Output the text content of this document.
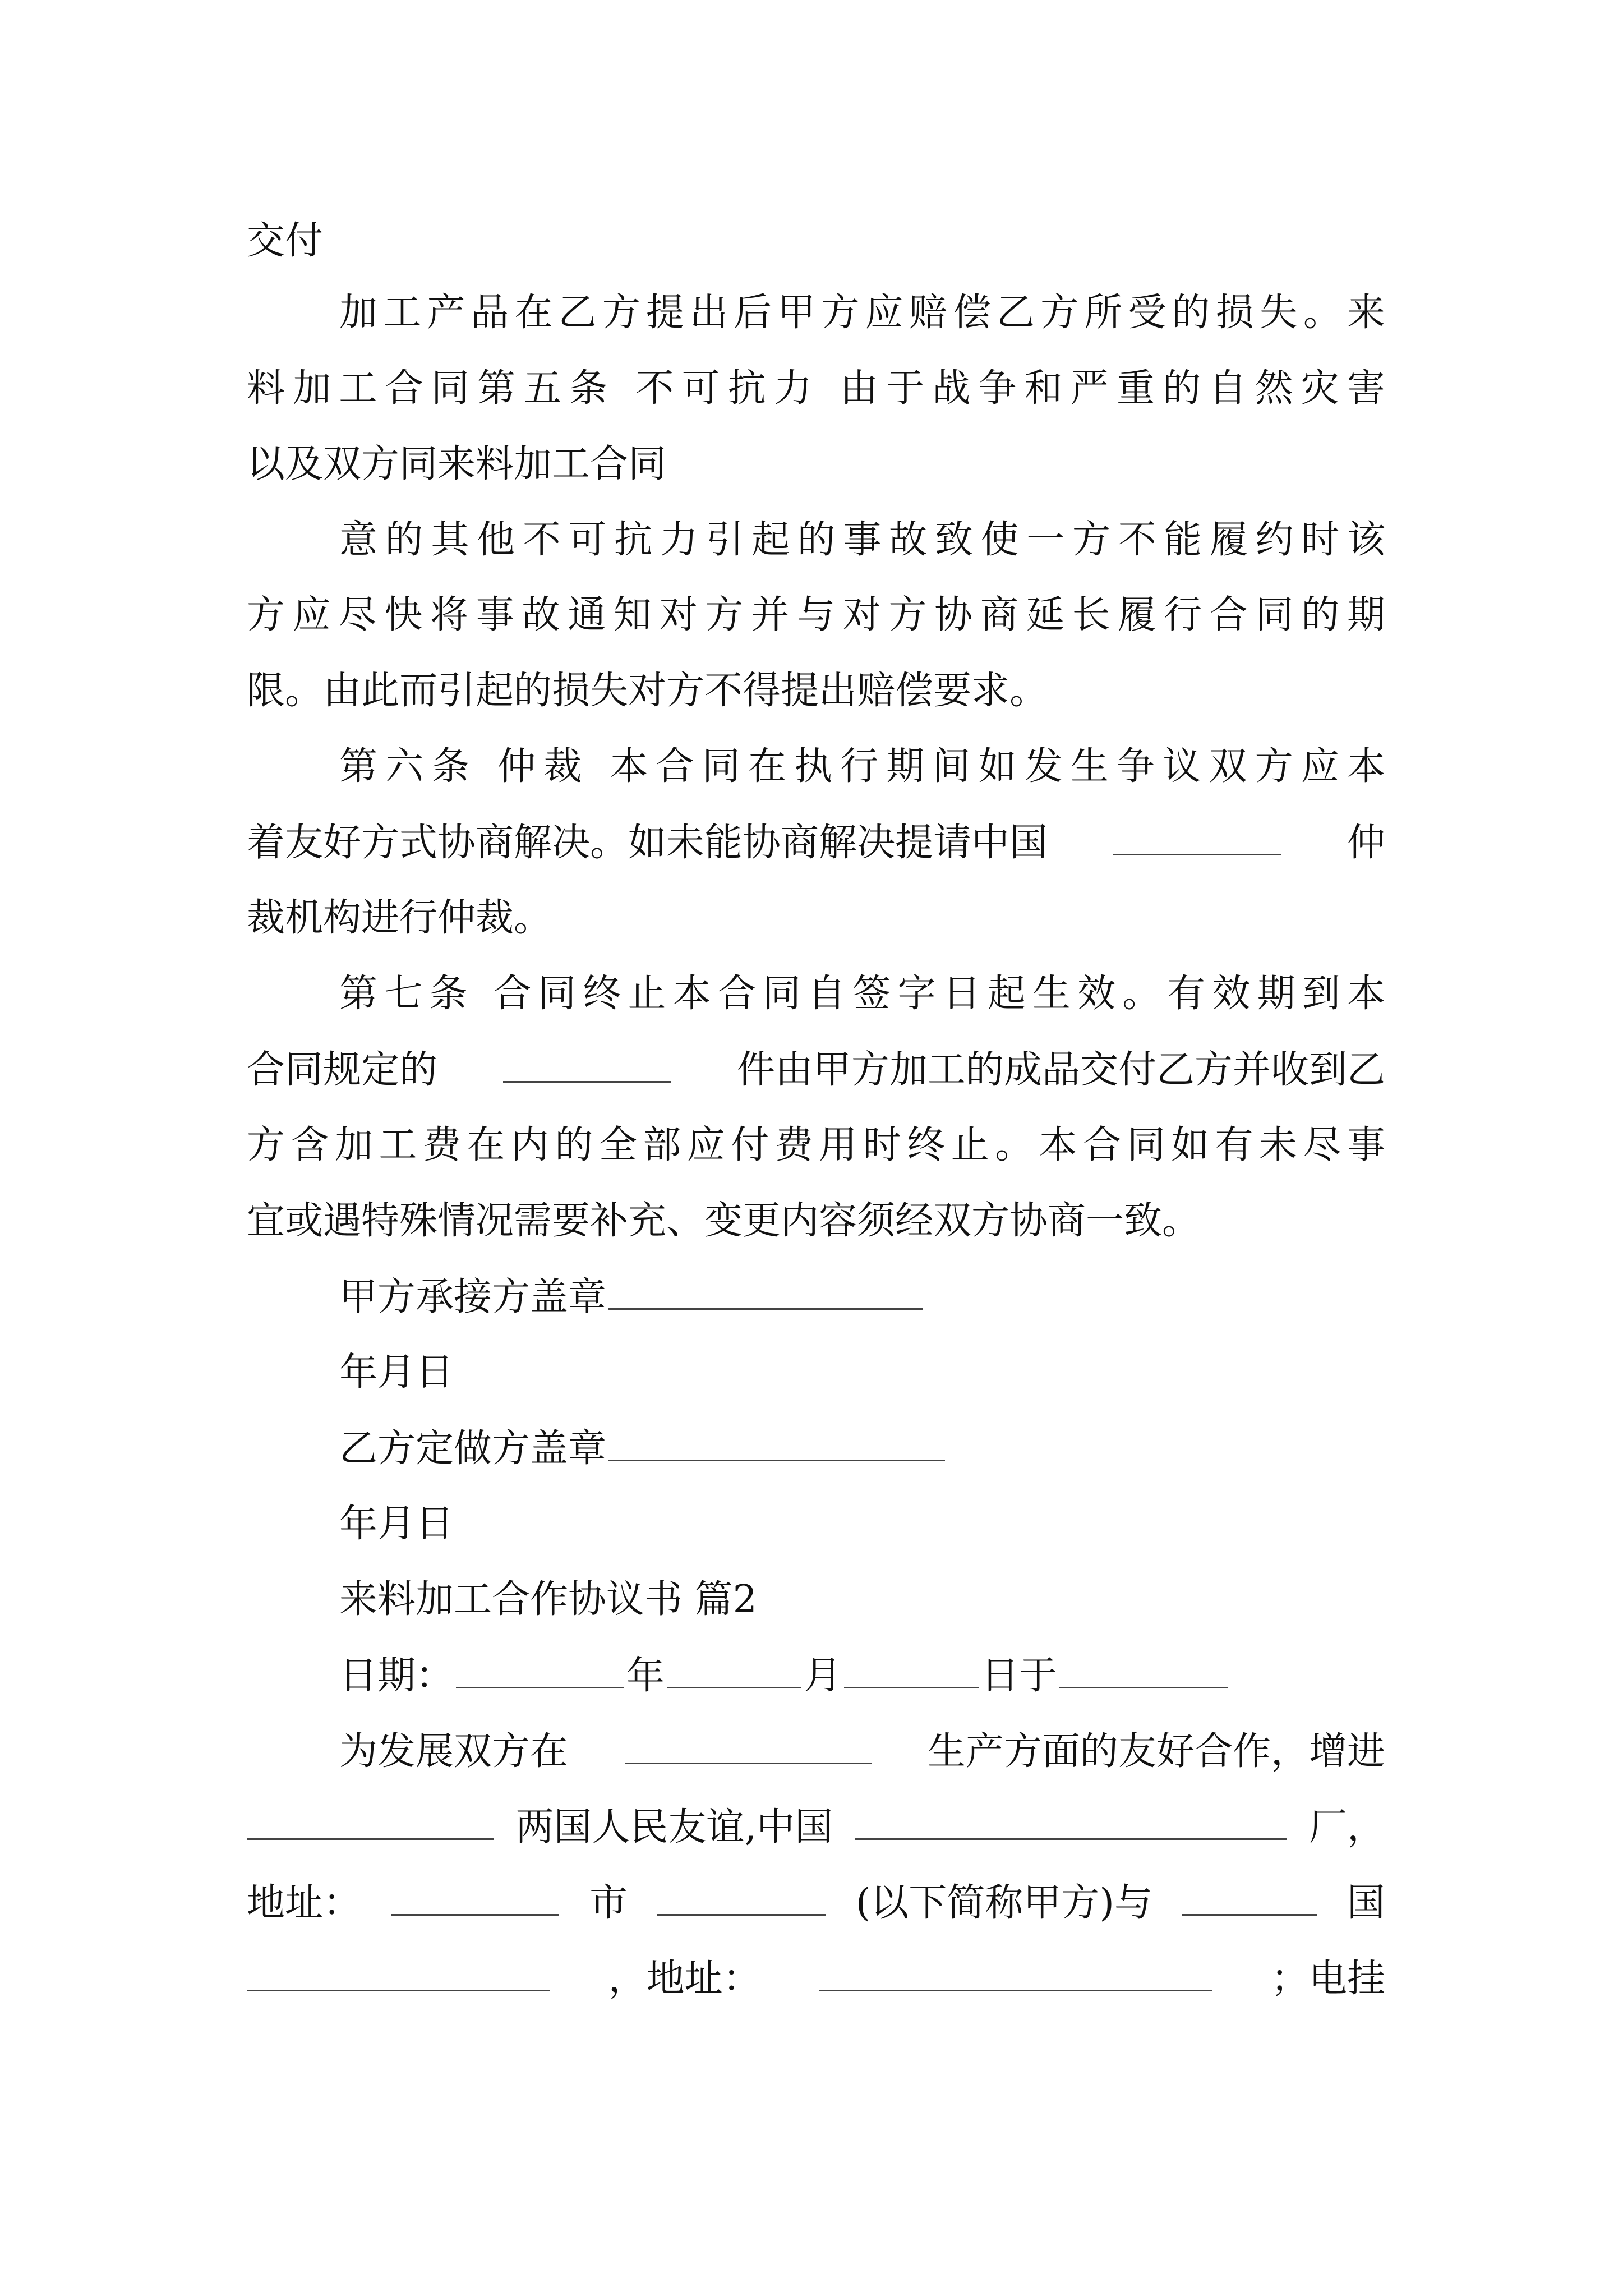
交付
加工产品在乙方提出后甲方应赔偿乙方所受的损失。来
料加工合同第五条 不可抗力 由于战争和严重的自然灾害
以及双方同来料加工合同
意的其他不可抗力引起的事故致使一方不能履约时该
方应尽快将事故通知对方并与对方协商延长履行合同的期
限。由此而引起的损失对方不得提出赔偿要求。
第六条 仲裁 本合同在执行期间如发生争议双方应本
着友好方式协商解决。如未能协商解决提请中国	仲
裁机构进行仲裁。
第七条 合同终止本合同自签字日起生效。有效期到本
合同规定的	件由甲方加工的成品交付乙方并收到乙
方含加工费在内的全部应付费用时终止。本合同如有未尽事
宜或遇特殊情况需要补充、变更内容须经双方协商一致。
甲方承接方盖章
年月日
乙方定做方盖章
年月日
来料加工合作协议书 篇2
日期：	年	月	日于
为发展双方在	生产方面的友好合作，增进
两国人民友谊,中国	厂，
地址：	市	(以下简称甲方)与	国
，地址：	；电挂
